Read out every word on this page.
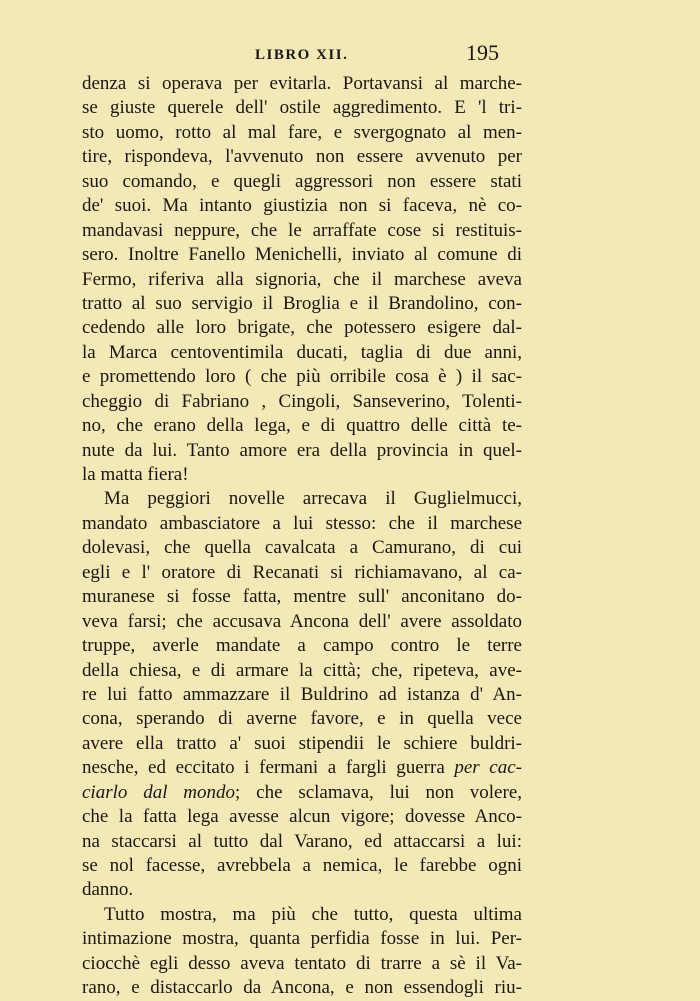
LIBRO XII.	195
denza si operava per evitarla. Portavansi al marche-
se giuste querele dell' ostile aggredimento. E 'l tri-
sto uomo, rotto al mal fare, e svergognato al men-
tire, rispondeva, l'avvenuto non essere avvenuto per
suo comando, e quegli aggressori non essere stati
de' suoi. Ma intanto giustizia non si faceva, nè co-
mandavasi neppure, che le arraffate cose si restituis-
sero. Inoltre Fanello Menichelli, inviato al comune di
Fermo, riferiva alla signoria, che il marchese aveva
tratto al suo servigio il Broglia e il Brandolino, con-
cedendo alle loro brigate, che potessero esigere dal-
la Marca centoventimila ducati, taglia di due anni,
e promettendo loro ( che più orribile cosa è ) il sac-
cheggio di Fabriano , Cingoli, Sanseverino, Tolenti-
no, che erano della lega, e di quattro delle città te-
nute da lui. Tanto amore era della provincia in quel-
la matta fiera!
Ma peggiori novelle arrecava il Guglielmucci,
mandato ambasciatore a lui stesso: che il marchese
dolevasi, che quella cavalcata a Camurano, di cui
egli e l' oratore di Recanati si richiamavano, al ca-
muranese si fosse fatta, mentre sull' anconitano do-
veva farsi; che accusava Ancona dell' avere assoldato
truppe, averle mandate a campo contro le terre
della chiesa, e di armare la città; che, ripeteva, ave-
re lui fatto ammazzare il Buldrino ad istanza d' An-
cona, sperando di averne favore, e in quella vece
avere ella tratto a' suoi stipendii le schiere buldri-
nesche, ed eccitato i fermani a fargli guerra per cac-
ciarlo dal mondo; che sclamava, lui non volere,
che la fatta lega avesse alcun vigore; dovesse Anco-
na staccarsi al tutto dal Varano, ed attaccarsi a lui:
se nol facesse, avrebbela a nemica, le farebbe ogni
danno.
Tutto mostra, ma più che tutto, questa ultima
intimazione mostra, quanta perfidia fosse in lui. Per-
ciocchè egli desso aveva tentato di trarre a sè il Va-
rano, e distaccarlo da Ancona, e non essendogli riu-
